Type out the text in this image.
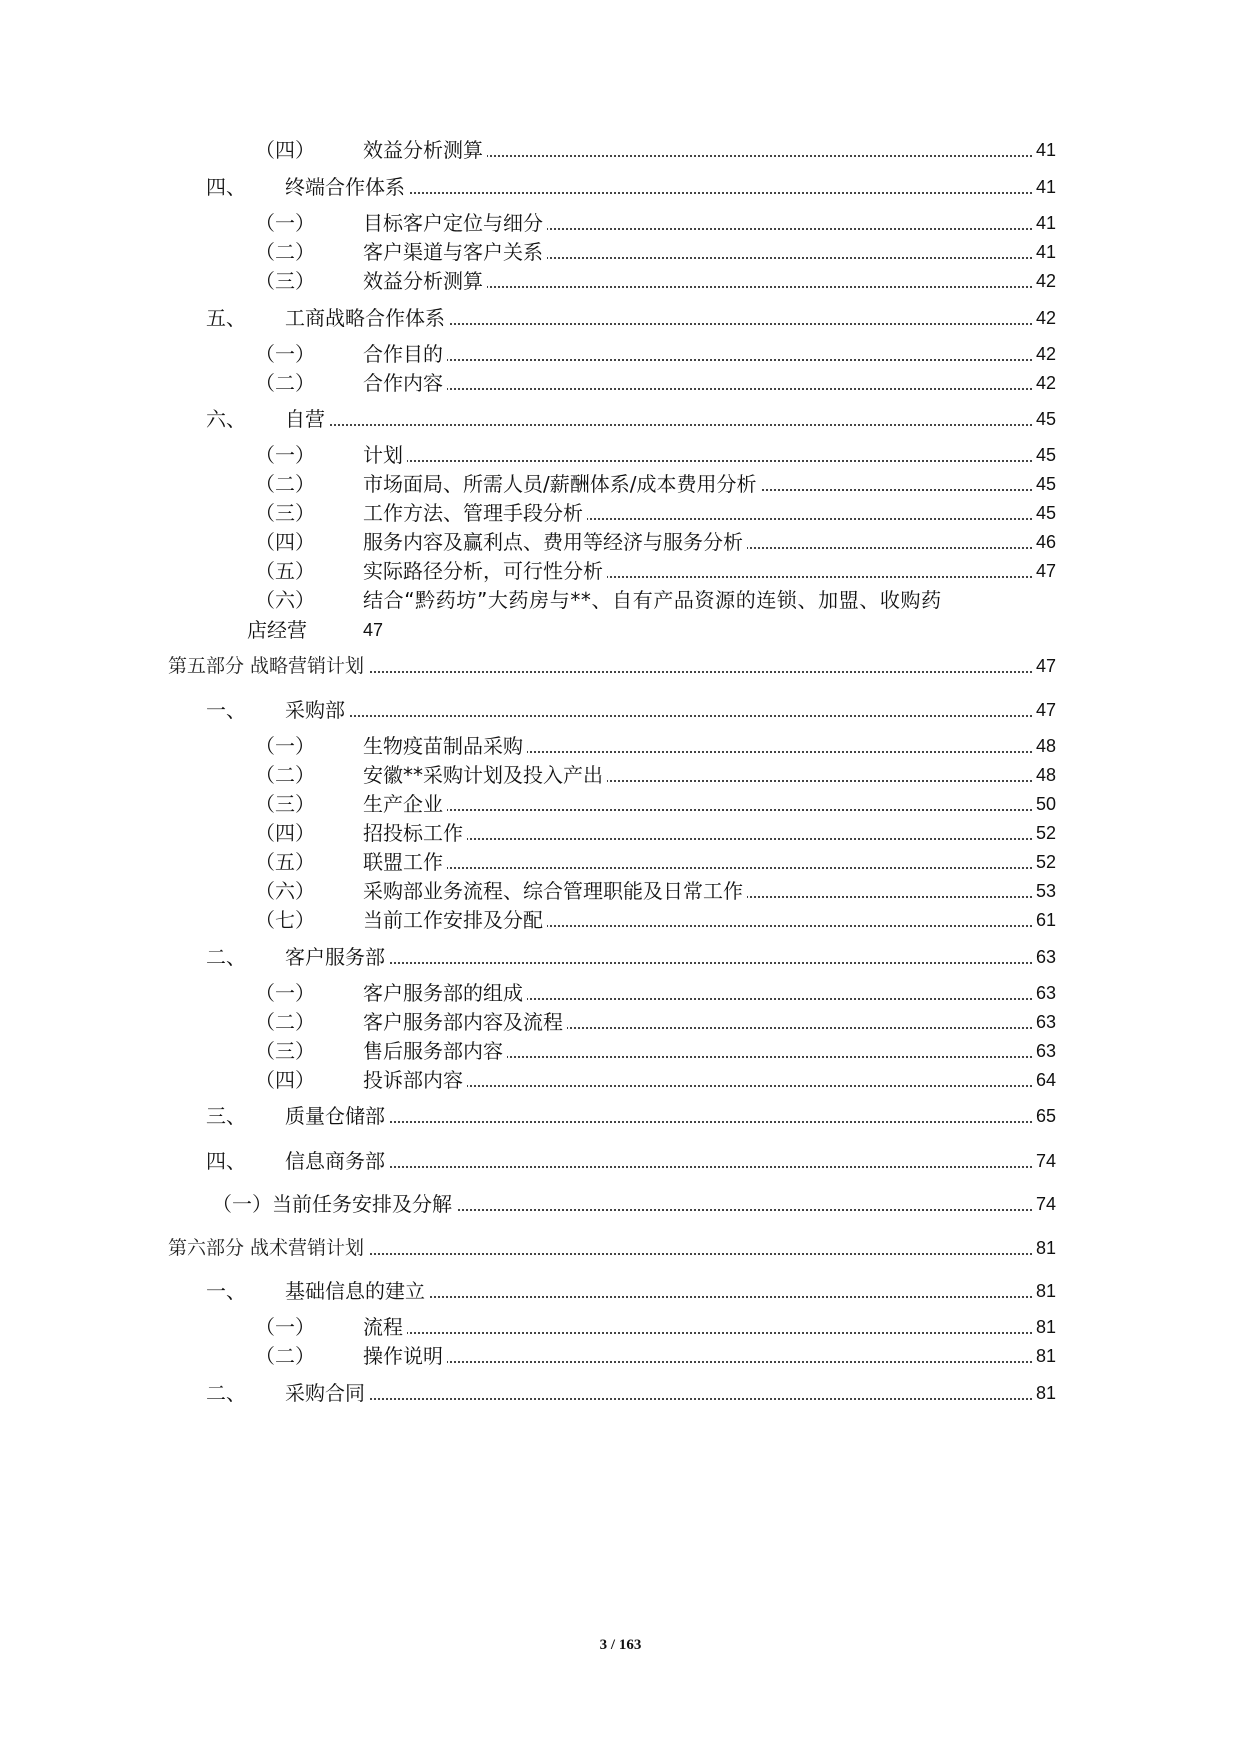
（四） 效益分析测算	41
四、 终端合作体系	41
（一） 目标客户定位与细分	41
（二） 客户渠道与客户关系	41
（三） 效益分析测算	42
五、 工商战略合作体系	42
（一） 合作目的	42
（二） 合作内容	42
六、 自营	45
（一） 计划	45
（二） 市场面局、所需人员/薪酬体系/成本费用分析	45
（三） 工作方法、管理手段分析	45
（四） 服务内容及赢利点、费用等经济与服务分析	46
（五） 实际路径分析，可行性分析	47
（六） 结合“黔药坊”大药房与**、自有产品资源的连锁、加盟、收购药
店经营	47
第五部分 战略营销计划	47
一、 采购部	47
（一） 生物疫苗制品采购	48
（二） 安徽**采购计划及投入产出	48
（三） 生产企业	50
（四） 招投标工作	52
（五） 联盟工作	52
（六） 采购部业务流程、综合管理职能及日常工作	53
（七） 当前工作安排及分配	61
二、 客户服务部	63
（一） 客户服务部的组成	63
（二） 客户服务部内容及流程	63
（三） 售后服务部内容	63
（四） 投诉部内容	64
三、 质量仓储部	65
四、 信息商务部	74
（一）当前任务安排及分解	74
第六部分 战术营销计划	81
一、 基础信息的建立	81
（一） 流程	81
（二） 操作说明	81
二、 采购合同	81
3 / 163
